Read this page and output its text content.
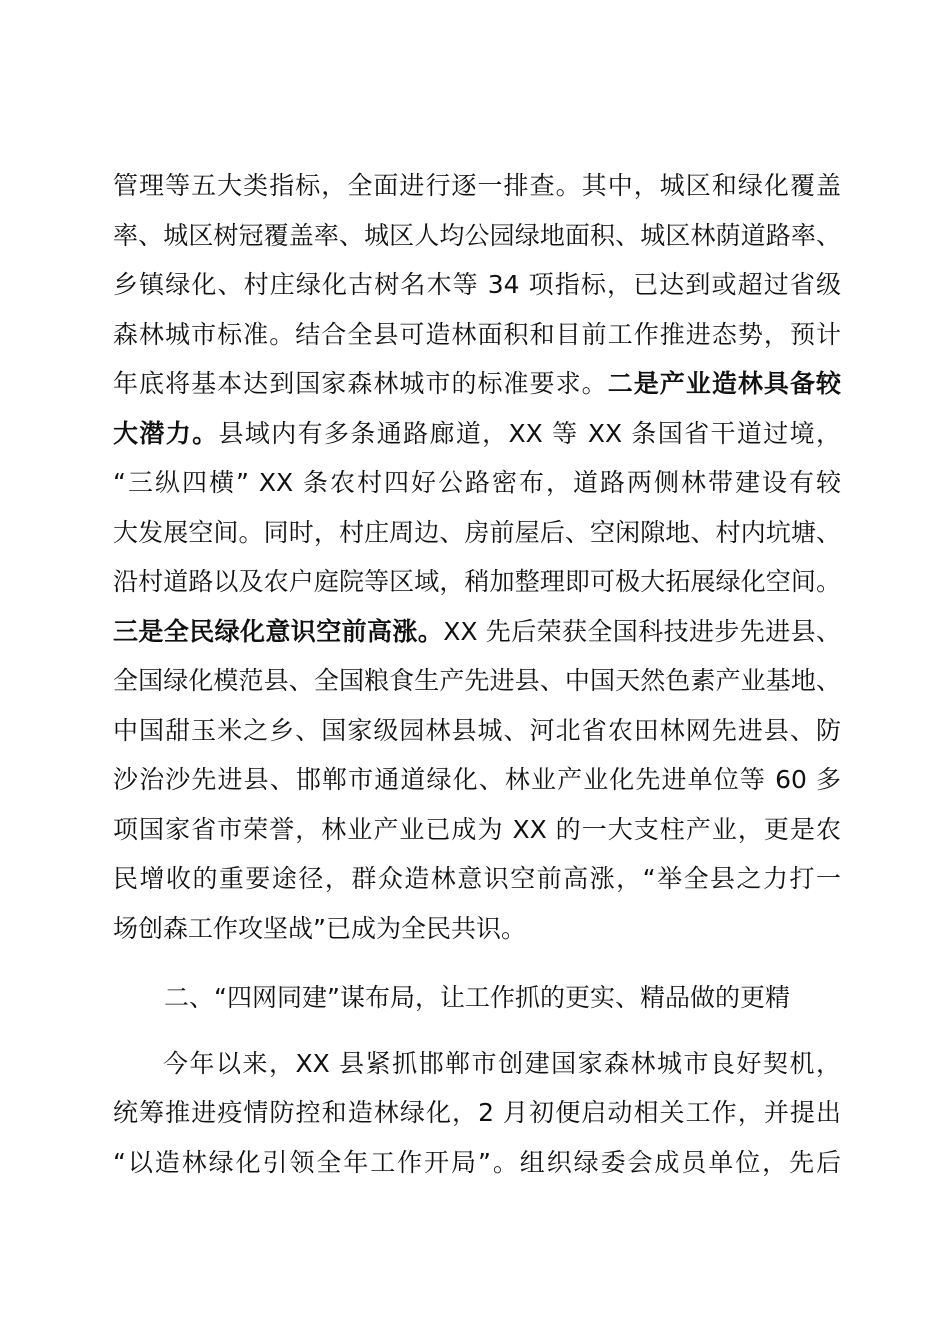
管理等五大类指标，全面进行逐一排查。其中，城区和绿化覆盖
率、城区树冠覆盖率、城区人均公园绿地面积、城区林荫道路率、
乡镇绿化、村庄绿化古树名木等 34 项指标，已达到或超过省级
森林城市标准。结合全县可造林面积和目前工作推进态势，预计
年底将基本达到国家森林城市的标准要求。二是产业造林具备较
大潜力。县域内有多条通路廊道，XX 等 XX 条国省干道过境，
“三纵四横” XX 条农村四好公路密布，道路两侧林带建设有较
大发展空间。同时，村庄周边、房前屋后、空闲隙地、村内坑塘、
沿村道路以及农户庭院等区域，稍加整理即可极大拓展绿化空间。
三是全民绿化意识空前高涨。XX 先后荣获全国科技进步先进县、
全国绿化模范县、全国粮食生产先进县、中国天然色素产业基地、
中国甜玉米之乡、国家级园林县城、河北省农田林网先进县、防
沙治沙先进县、邯郸市通道绿化、林业产业化先进单位等 60 多
项国家省市荣誉，林业产业已成为 XX 的一大支柱产业，更是农
民增收的重要途径，群众造林意识空前高涨，“举全县之力打一
场创森工作攻坚战”已成为全民共识。
二、“四网同建”谋布局，让工作抓的更实、精品做的更精
今年以来，XX 县紧抓邯郸市创建国家森林城市良好契机，
统筹推进疫情防控和造林绿化，2 月初便启动相关工作，并提出
“以造林绿化引领全年工作开局”。组织绿委会成员单位，先后
